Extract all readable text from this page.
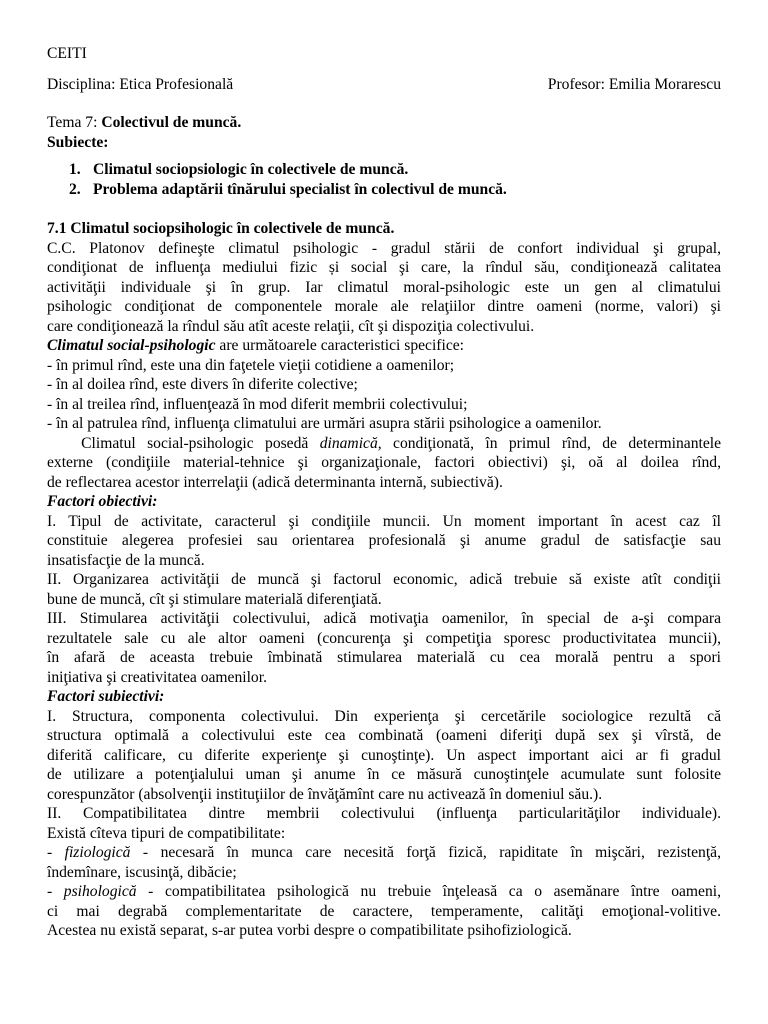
CEITI
Disciplina: Etica Profesională	Profesor: Emilia Morarescu
Tema 7: Colectivul de muncă.
Subiecte:
1. Climatul sociopsiologic în colectivele de muncă.
2. Problema adaptării tînărului specialist în colectivul de muncă.
7.1 Climatul sociopsihologic în colectivele de muncă.
C.C. Platonov defineşte climatul psihologic - gradul stării de confort individual şi grupal,
condiţionat de influenţa mediului fizic și social şi care, la rîndul său, condiţionează calitatea
activităţii individuale şi în grup. Iar climatul moral-psihologic este un gen al climatului
psihologic condiţionat de componentele morale ale relaţiilor dintre oameni (norme, valori) şi
care condiţionează la rîndul său atît aceste relaţii, cît şi dispoziţia colectivului.
Climatul social-psihologic are următoarele caracteristici specifice:
- în primul rînd, este una din faţetele vieţii cotidiene a oamenilor;
- în al doilea rînd, este divers în diferite colective;
- în al treilea rînd, influenţează în mod diferit membrii colectivului;
- în al patrulea rînd, influenţa climatului are urmări asupra stării psihologice a oamenilor.
Climatul social-psihologic posedă dinamică, condiţionată, în primul rînd, de determinantele
externe (condiţiile material-tehnice şi organizaţionale, factori obiectivi) şi, oă al doilea rînd,
de reflectarea acestor interrelaţii (adică determinanta internă, subiectivă).
Factori obiectivi:
I. Tipul de activitate, caracterul şi condiţiile muncii. Un moment important în acest caz îl
constituie alegerea profesiei sau orientarea profesională şi anume gradul de satisfacţie sau
insatisfacţie de la muncă.
II. Organizarea activităţii de muncă şi factorul economic, adică trebuie să existe atît condiţii
bune de muncă, cît şi stimulare materială diferenţiată.
III. Stimularea activităţii colectivului, adică motivaţia oamenilor, în special de a-şi compara
rezultatele sale cu ale altor oameni (concurenţa şi competiţia sporesc productivitatea muncii),
în afară de aceasta trebuie îmbinată stimularea materială cu cea morală pentru a spori
iniţiativa şi creativitatea oamenilor.
Factori subiectivi:
I. Structura, componenta colectivului. Din experienţa şi cercetările sociologice rezultă că
structura optimală a colectivului este cea combinată (oameni diferiţi după sex şi vîrstă, de
diferită calificare, cu diferite experienţe şi cunoştinţe). Un aspect important aici ar fi gradul
de utilizare a potenţialului uman şi anume în ce măsură cunoştinţele acumulate sunt folosite
corespunzător (absolvenţii instituţiilor de învăţămînt care nu activează în domeniul său.).
II. Compatibilitatea dintre membrii colectivului (influenţa particularităţilor individuale).
Există cîteva tipuri de compatibilitate:
- fiziologică - necesară în munca care necesită forţă fizică, rapiditate în mişcări, rezistenţă,
îndemînare, iscusinţă, dibăcie;
- psihologică - compatibilitatea psihologică nu trebuie înţeleasă ca o asemănare între oameni,
ci mai degrabă complementaritate de caractere, temperamente, calităţi emoţional-volitive.
Acestea nu există separat, s-ar putea vorbi despre o compatibilitate psihofiziologică.
